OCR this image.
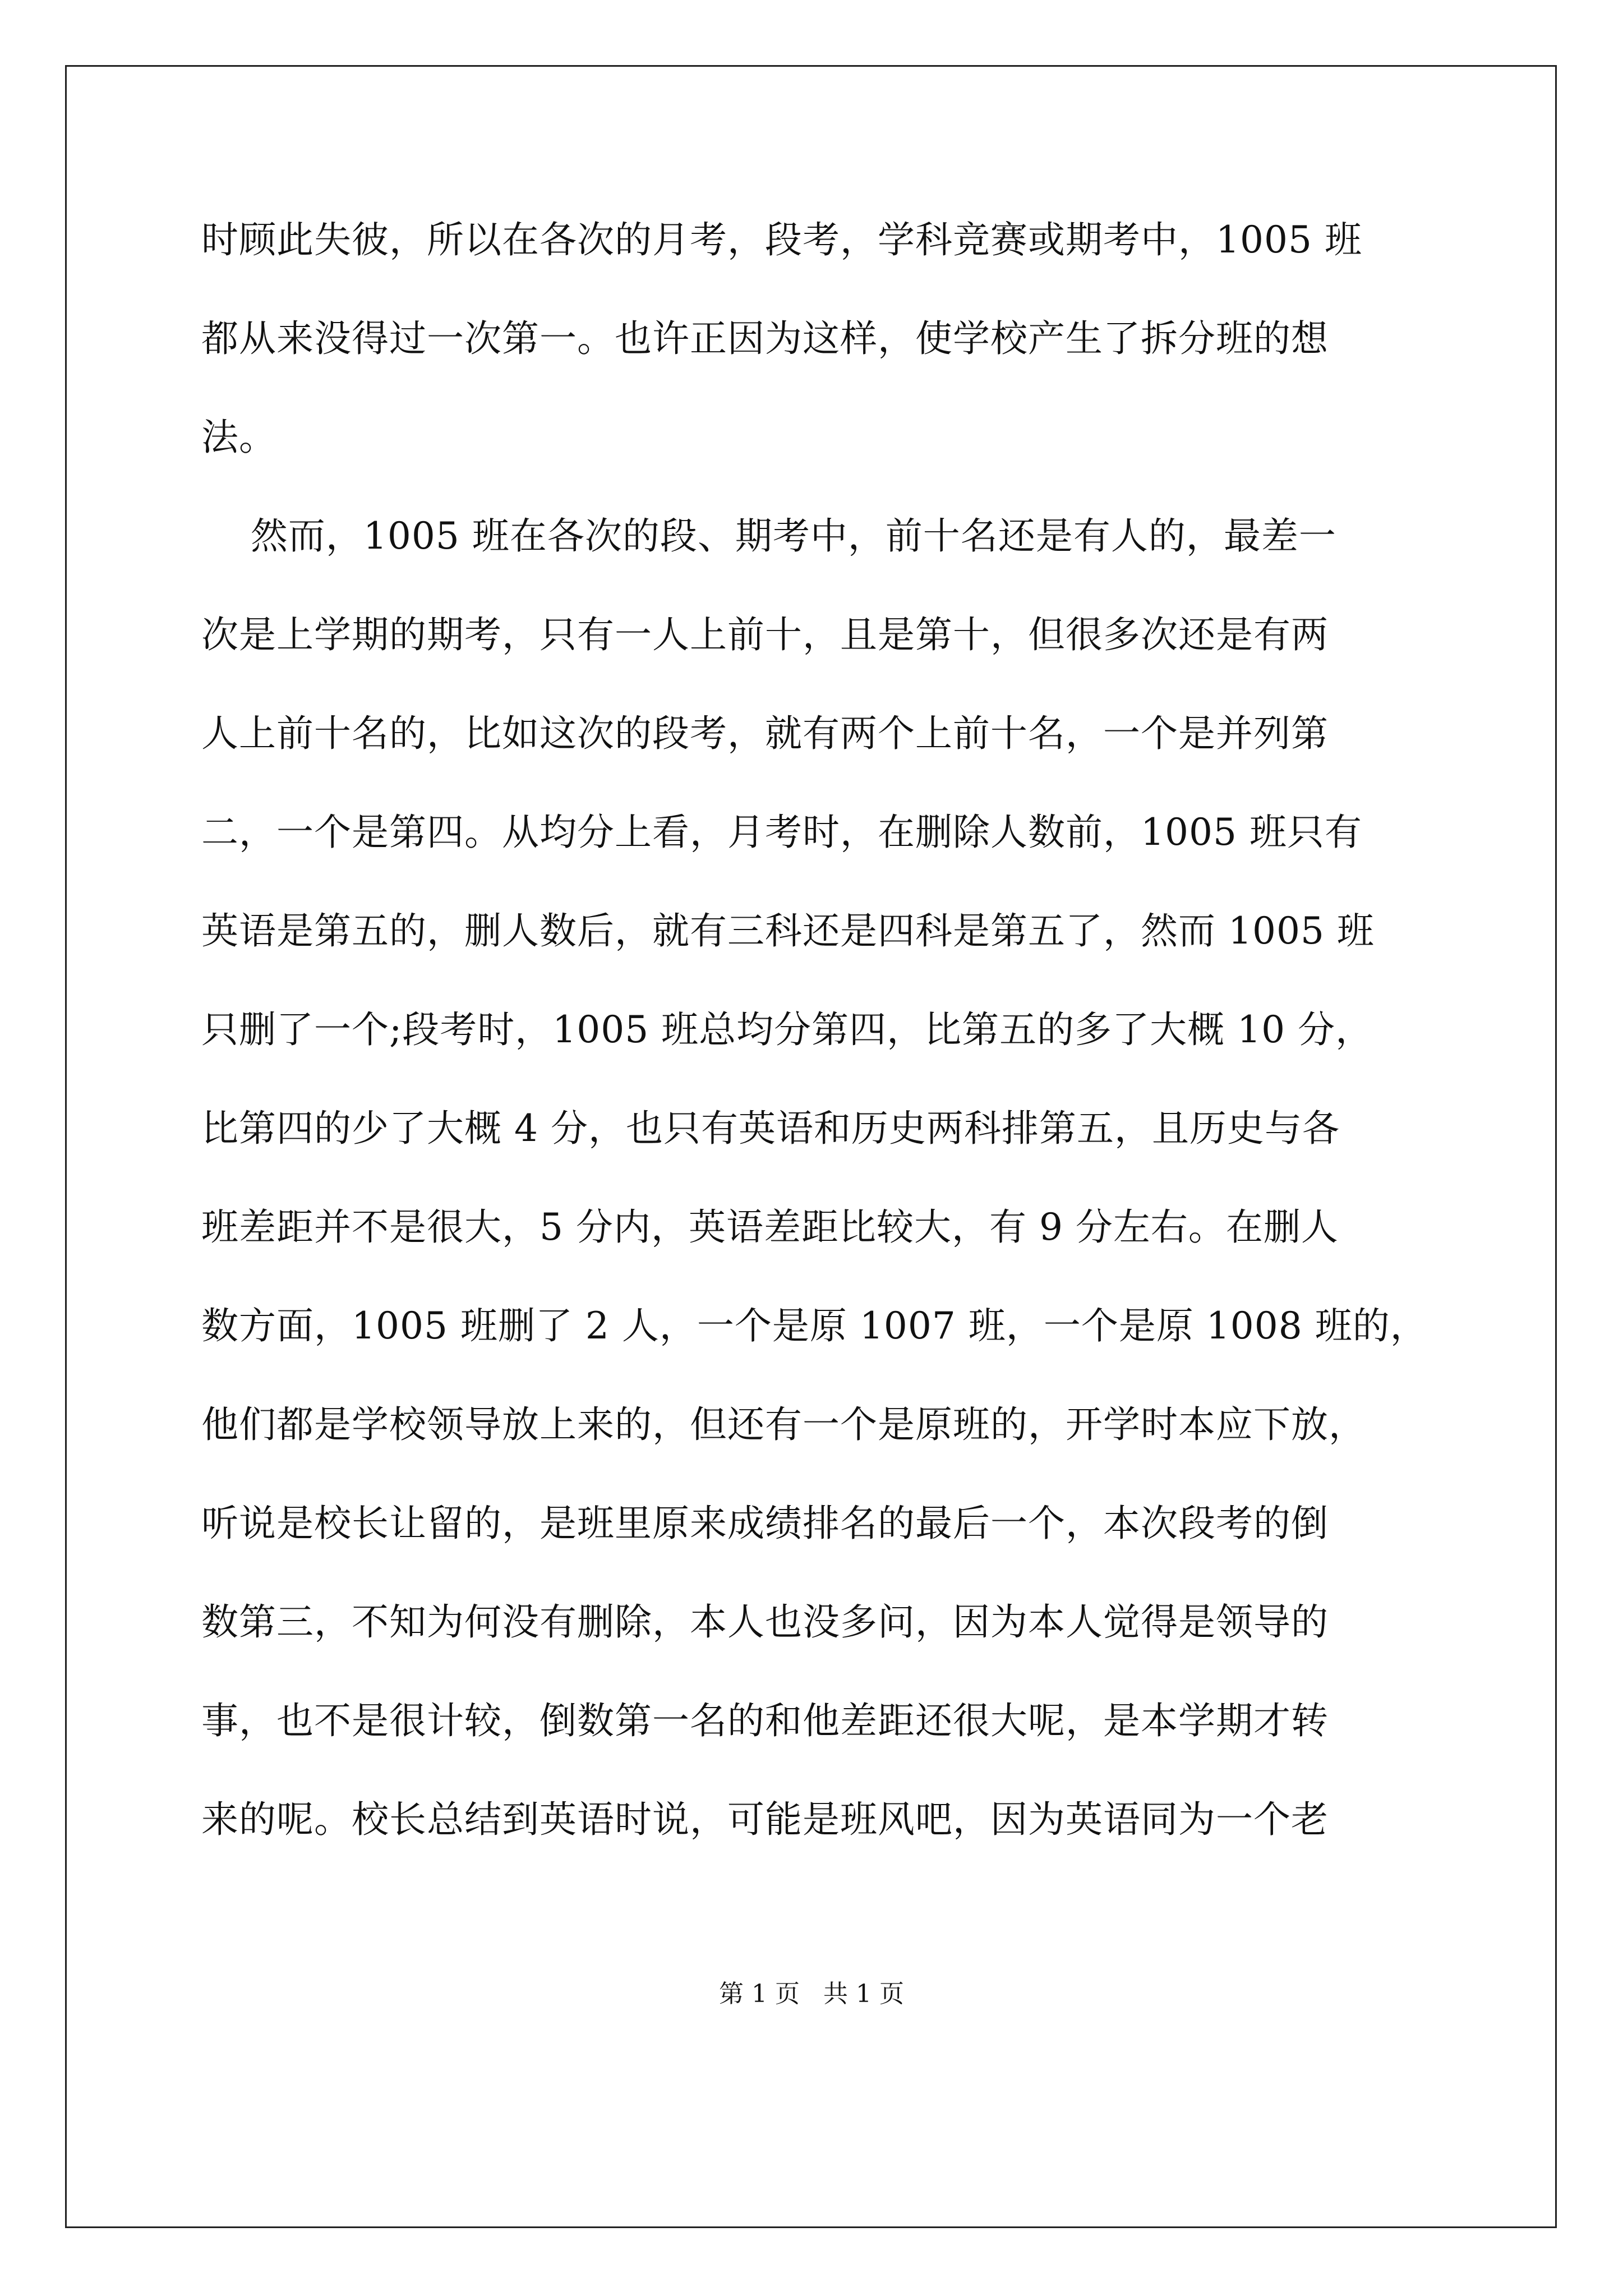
时顾此失彼，所以在各次的月考，段考，学科竞赛或期考中，1005 班
都从来没得过一次第一。也许正因为这样，使学校产生了拆分班的想
法。
然而，1005 班在各次的段、期考中，前十名还是有人的，最差一
次是上学期的期考，只有一人上前十，且是第十，但很多次还是有两
人上前十名的，比如这次的段考，就有两个上前十名，一个是并列第
二，一个是第四。从均分上看，月考时，在删除人数前，1005 班只有
英语是第五的，删人数后，就有三科还是四科是第五了，然而 1005 班
只删了一个;段考时，1005 班总均分第四，比第五的多了大概 10 分，
比第四的少了大概 4 分，也只有英语和历史两科排第五，且历史与各
班差距并不是很大，5 分内，英语差距比较大，有 9 分左右。在删人
数方面，1005 班删了 2 人，一个是原 1007 班，一个是原 1008 班的，
他们都是学校领导放上来的，但还有一个是原班的，开学时本应下放，
听说是校长让留的，是班里原来成绩排名的最后一个，本次段考的倒
数第三，不知为何没有删除，本人也没多问，因为本人觉得是领导的
事，也不是很计较，倒数第一名的和他差距还很大呢，是本学期才转
来的呢。校长总结到英语时说，可能是班风吧，因为英语同为一个老
第 1 页   共 1 页
